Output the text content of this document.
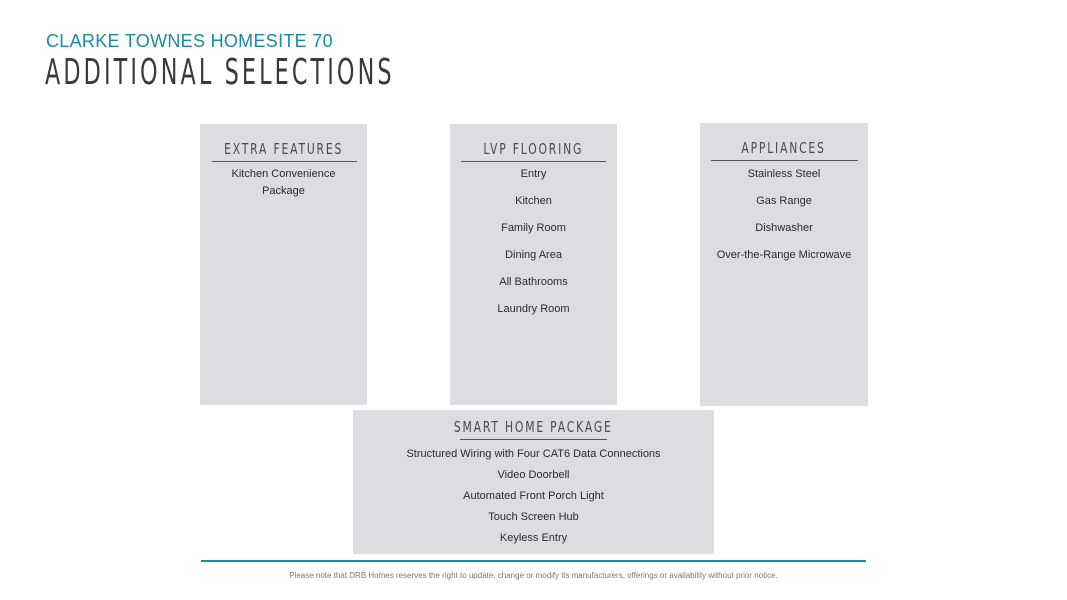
CLARKE TOWNES HOMESITE 70
ADDITIONAL SELECTIONS
EXTRA FEATURES
Kitchen Convenience Package
LVP FLOORING
Entry
Kitchen
Family Room
Dining Area
All Bathrooms
Laundry Room
APPLIANCES
Stainless Steel
Gas Range
Dishwasher
Over-the-Range Microwave
SMART HOME PACKAGE
Structured Wiring with Four CAT6 Data Connections
Video Doorbell
Automated Front Porch Light
Touch Screen Hub
Keyless Entry
Please note that DRB Homes reserves the right to update, change or modify its manufacturers, offerings or availability without prior notice.
